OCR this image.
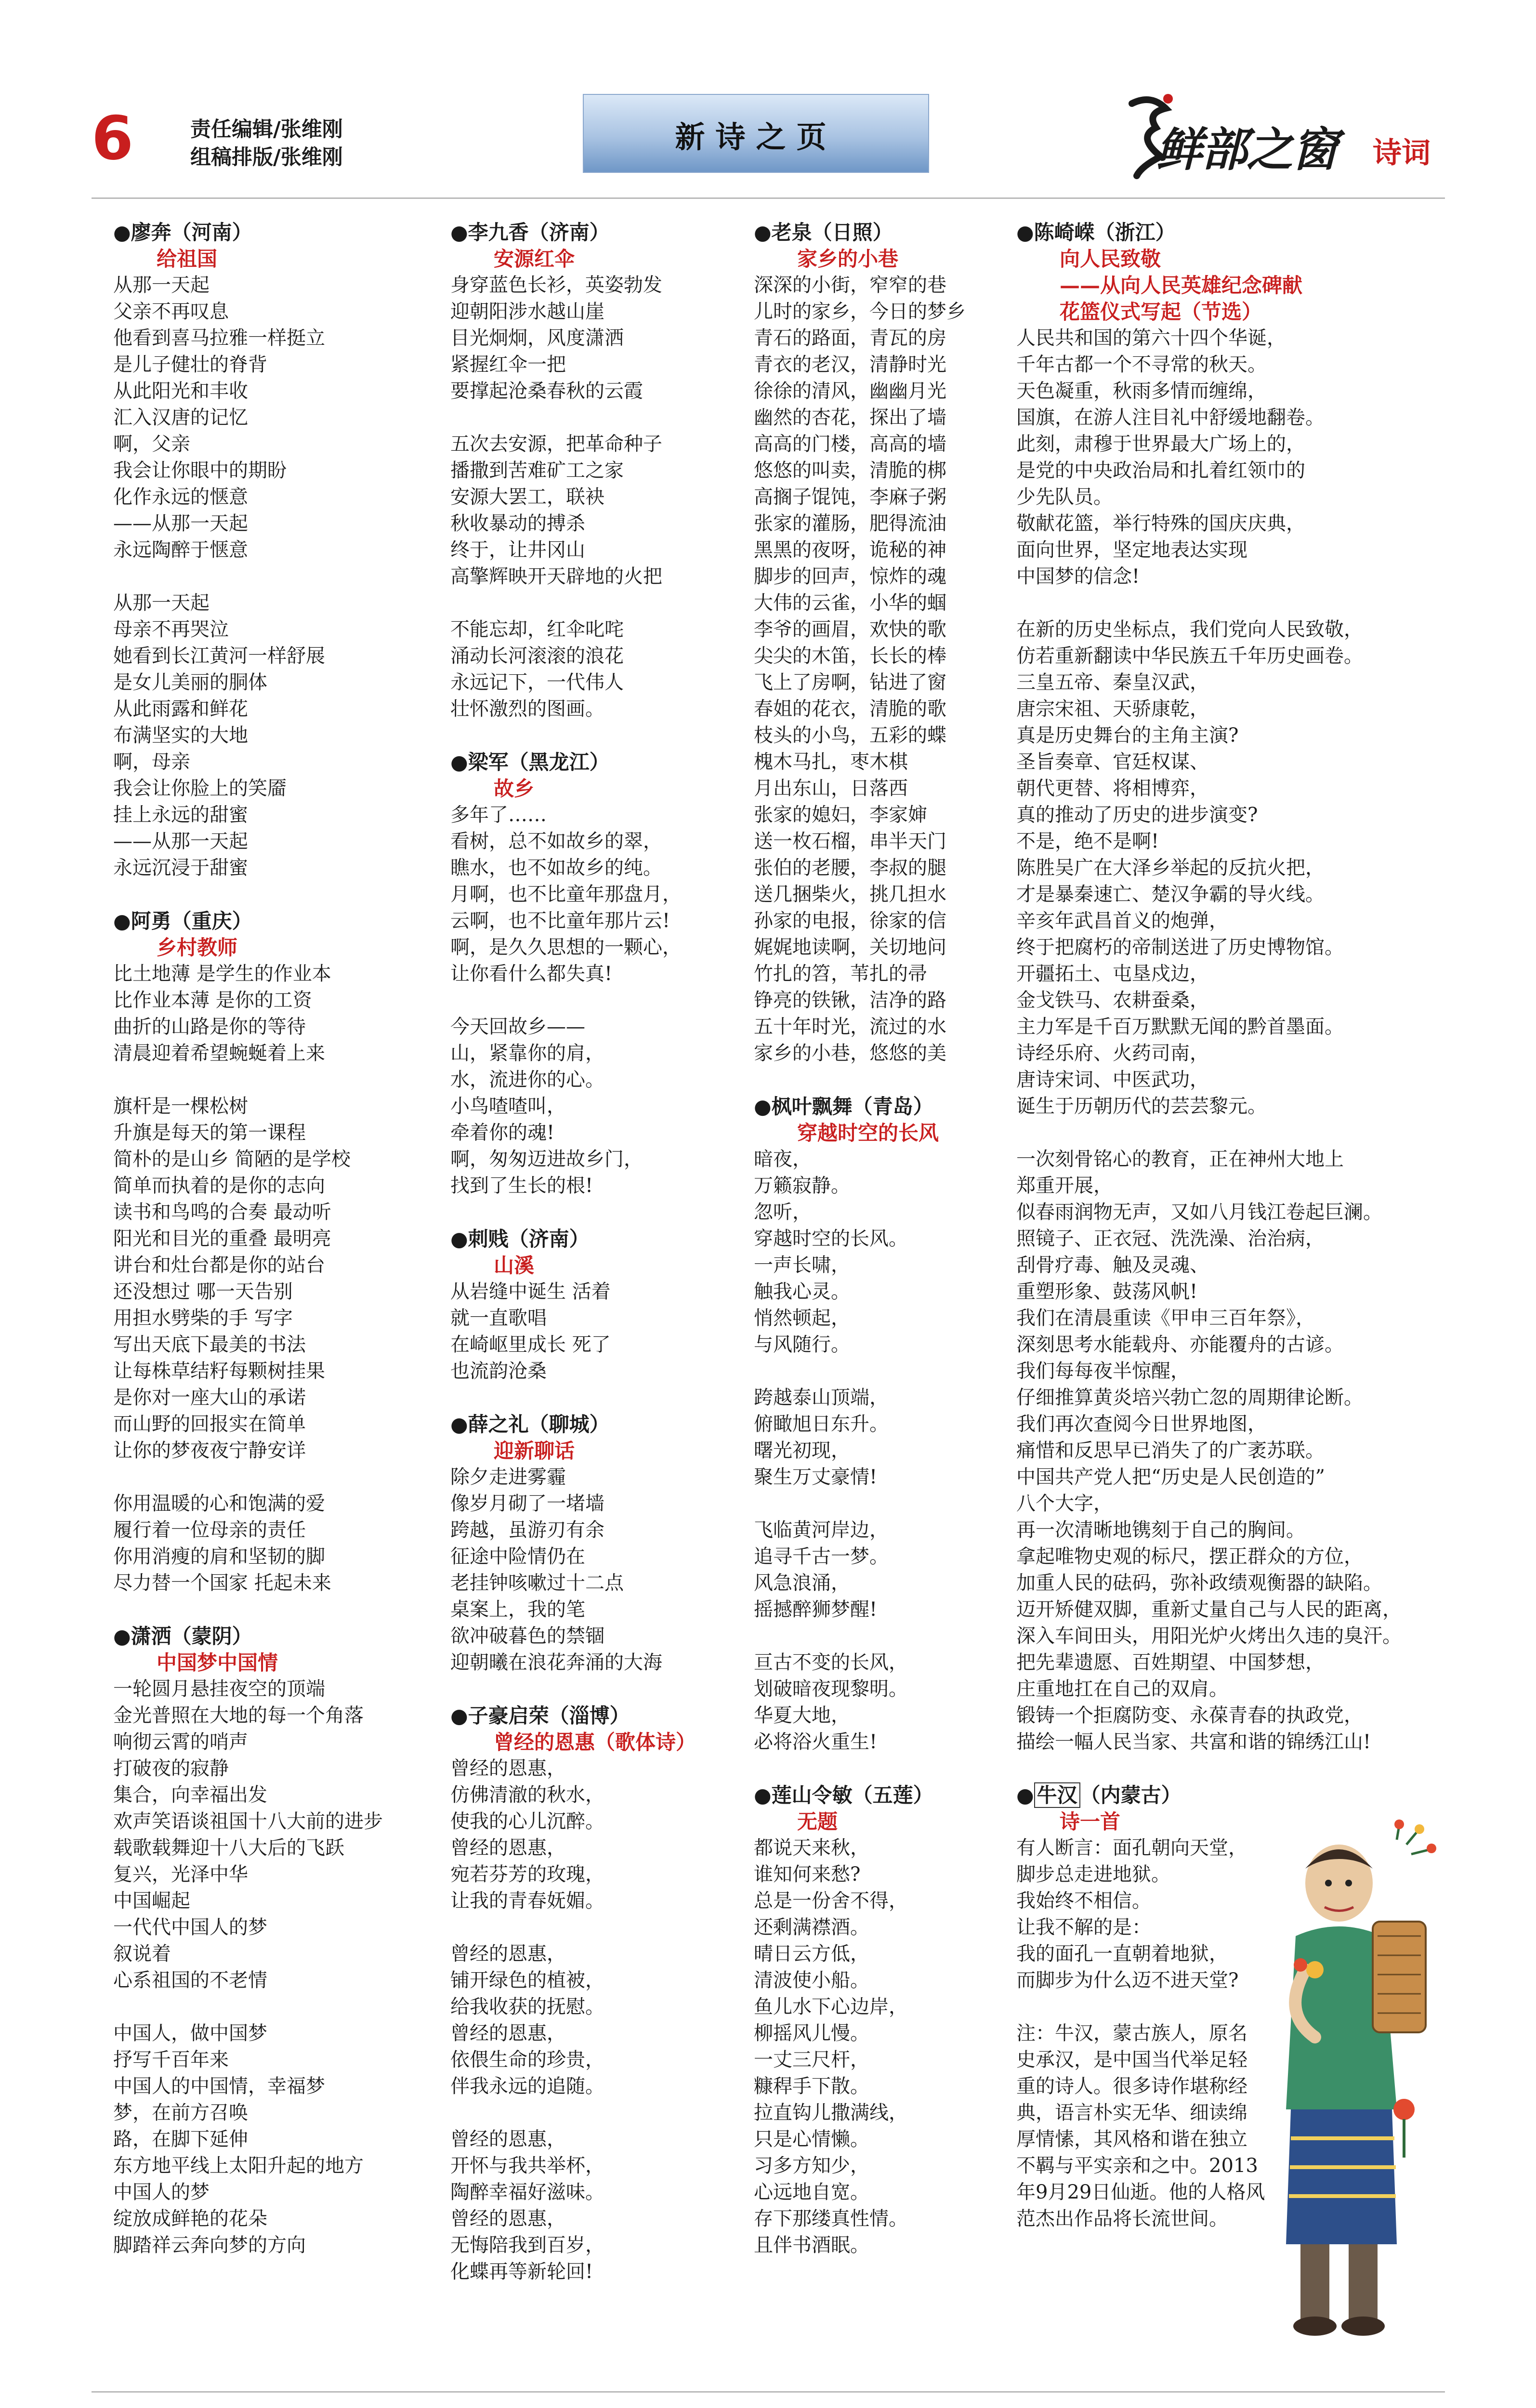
6	责任编辑/张维刚
组稿排版/张维刚
新诗之页	鲜部之窗 诗词
●廖奔（河南）
给祖国
从那一天起
父亲不再叹息
他看到喜马拉雅一样挺立
是儿子健壮的脊背
从此阳光和丰收
汇入汉唐的记忆
啊，父亲
我会让你眼中的期盼
化作永远的惬意
——从那一天起
永远陶醉于惬意
从那一天起
母亲不再哭泣
她看到长江黄河一样舒展
是女儿美丽的胴体
从此雨露和鲜花
布满坚实的大地
啊，母亲
我会让你脸上的笑靥
挂上永远的甜蜜
——从那一天起
永远沉浸于甜蜜
●阿勇（重庆）
乡村教师
比土地薄 是学生的作业本
比作业本薄 是你的工资
曲折的山路是你的等待
清晨迎着希望蜿蜒着上来
旗杆是一棵松树
升旗是每天的第一课程
简朴的是山乡 简陋的是学校
简单而执着的是你的志向
读书和鸟鸣的合奏 最动听
阳光和目光的重叠 最明亮
讲台和灶台都是你的站台
还没想过 哪一天告别
用担水劈柴的手 写字
写出天底下最美的书法
让每株草结籽每颗树挂果
是你对一座大山的承诺
而山野的回报实在简单
让你的梦夜夜宁静安详
你用温暖的心和饱满的爱
履行着一位母亲的责任
你用消瘦的肩和坚韧的脚
尽力替一个国家 托起未来
●潇洒（蒙阴）
中国梦中国情
一轮圆月悬挂夜空的顶端
金光普照在大地的每一个角落
响彻云霄的哨声
打破夜的寂静
集合，向幸福出发
欢声笑语谈祖国十八大前的进步
载歌载舞迎十八大后的飞跃
复兴，光泽中华
中国崛起
一代代中国人的梦
叙说着
心系祖国的不老情
中国人，做中国梦
抒写千百年来
中国人的中国情，幸福梦
梦，在前方召唤
路，在脚下延伸
东方地平线上太阳升起的地方
中国人的梦
绽放成鲜艳的花朵
脚踏祥云奔向梦的方向
●李九香（济南）
安源红伞
身穿蓝色长衫，英姿勃发
迎朝阳涉水越山崖
目光炯炯，风度潇洒
紧握红伞一把
要撑起沧桑春秋的云霞
五次去安源，把革命种子
播撒到苦难矿工之家
安源大罢工，联袂
秋收暴动的搏杀
终于，让井冈山
高擎辉映开天辟地的火把
不能忘却，红伞叱咤
涌动长河滚滚的浪花
永远记下，一代伟人
壮怀激烈的图画。
●梁军（黑龙江）
故乡
多年了……
看树，总不如故乡的翠，
瞧水，也不如故乡的纯。
月啊，也不比童年那盘月，
云啊，也不比童年那片云!
啊，是久久思想的一颗心，
让你看什么都失真!
今天回故乡——
山，紧靠你的肩，
水，流进你的心。
小鸟喳喳叫，
牵着你的魂!
啊，匆匆迈进故乡门，
找到了生长的根!
●刺贱（济南）
山溪
从岩缝中诞生 活着
就一直歌唱
在崎岖里成长 死了
也流韵沧桑
●薛之礼（聊城）
迎新聊话
除夕走进雾霾
像岁月砌了一堵墙
跨越，虽游刃有余
征途中险情仍在
老挂钟咳嗽过十二点
桌案上，我的笔
欲冲破暮色的禁锢
迎朝曦在浪花奔涌的大海
●子豪启荣（淄博）
曾经的恩惠（歌体诗）
曾经的恩惠，
仿佛清澈的秋水，
使我的心儿沉醉。
曾经的恩惠，
宛若芬芳的玫瑰，
让我的青春妩媚。
曾经的恩惠，
铺开绿色的植被，
给我收获的抚慰。
曾经的恩惠，
依偎生命的珍贵，
伴我永远的追随。
曾经的恩惠，
开怀与我共举杯，
陶醉幸福好滋味。
曾经的恩惠，
无悔陪我到百岁，
化蝶再等新轮回!
●老泉（日照）
家乡的小巷
深深的小街，窄窄的巷
儿时的家乡，今日的梦乡
青石的路面，青瓦的房
青衣的老汉，清静时光
徐徐的清风，幽幽月光
幽然的杏花，探出了墙
高高的门楼，高高的墙
悠悠的叫卖，清脆的梆
高搁子馄饨，李麻子粥
张家的灌肠，肥得流油
黑黑的夜呀，诡秘的神
脚步的回声，惊炸的魂
大伟的云雀，小华的蝈
李爷的画眉，欢快的歌
尖尖的木笛，长长的棒
飞上了房啊，钻进了窗
春姐的花衣，清脆的歌
枝头的小鸟，五彩的蝶
槐木马扎，枣木棋
月出东山，日落西
张家的媳妇，李家婶
送一枚石榴，串半天门
张伯的老腰，李叔的腿
送几捆柴火，挑几担水
孙家的电报，徐家的信
娓娓地读啊，关切地问
竹扎的笤，苇扎的帚
铮亮的铁锹，洁净的路
五十年时光，流过的水
家乡的小巷，悠悠的美
●枫叶飘舞（青岛）
穿越时空的长风
暗夜，
万籁寂静。
忽听，
穿越时空的长风。
一声长啸，
触我心灵。
悄然顿起，
与风随行。
跨越泰山顶端，
俯瞰旭日东升。
曙光初现，
聚生万丈豪情!
飞临黄河岸边，
追寻千古一梦。
风急浪涌，
摇撼醉狮梦醒!
亘古不变的长风，
划破暗夜现黎明。
华夏大地，
必将浴火重生!
●莲山令敏（五莲）
无题
都说天来秋，
谁知何来愁?
总是一份舍不得，
还剩满襟酒。
晴日云方低，
清波使小船。
鱼儿水下心边岸，
柳摇风儿慢。
一丈三尺杆，
糠稈手下散。
拉直钩儿撒满线，
只是心情懒。
习多方知少，
心远地自宽。
存下那缕真性情。
且伴书酒眠。
●陈崎嵘（浙江）
向人民致敬
——从向人民英雄纪念碑献
花篮仪式写起（节选）
人民共和国的第六十四个华诞，
千年古都一个不寻常的秋天。
天色凝重，秋雨多情而缠绵，
国旗，在游人注目礼中舒缓地翻卷。
此刻，肃穆于世界最大广场上的，
是党的中央政治局和扎着红领巾的
少先队员。
敬献花篮，举行特殊的国庆庆典，
面向世界，坚定地表达实现
中国梦的信念!
在新的历史坐标点，我们党向人民致敬，
仿若重新翻读中华民族五千年历史画卷。
三皇五帝、秦皇汉武，
唐宗宋祖、天骄康乾，
真是历史舞台的主角主演?
圣旨奏章、官廷权谋、
朝代更替、将相博弈，
真的推动了历史的进步演变?
不是，绝不是啊!
陈胜吴广在大泽乡举起的反抗火把，
才是暴秦速亡、楚汉争霸的导火线。
辛亥年武昌首义的炮弹，
终于把腐朽的帝制送进了历史博物馆。
开疆拓土、屯垦戍边，
金戈铁马、农耕蚕桑，
主力军是千百万默默无闻的黔首墨面。
诗经乐府、火药司南，
唐诗宋词、中医武功，
诞生于历朝历代的芸芸黎元。
一次刻骨铭心的教育，正在神州大地上
郑重开展，
似春雨润物无声，又如八月钱江卷起巨澜。
照镜子、正衣冠、洗洗澡、治治病，
刮骨疗毒、触及灵魂、
重塑形象、鼓荡风帆!
我们在清晨重读《甲申三百年祭》，
深刻思考水能载舟、亦能覆舟的古谚。
我们每每夜半惊醒，
仔细推算黄炎培兴勃亡忽的周期律论断。
我们再次查阅今日世界地图，
痛惜和反思早已消失了的广袤苏联。
中国共产党人把“历史是人民创造的”
八个大字，
再一次清晰地镌刻于自己的胸间。
拿起唯物史观的标尺，摆正群众的方位，
加重人民的砝码，弥补政绩观衡器的缺陷。
迈开矫健双脚，重新丈量自己与人民的距离，
深入车间田头，用阳光炉火烤出久违的臭汗。
把先辈遗愿、百姓期望、中国梦想，
庄重地扛在自己的双肩。
锻铸一个拒腐防变、永葆青春的执政党，
描绘一幅人民当家、共富和谐的锦绣江山!
● 牛汉 （内蒙古）
诗一首
有人断言：面孔朝向天堂，
脚步总走进地狱。
我始终不相信。
让我不解的是：
我的面孔一直朝着地狱，
而脚步为什么迈不进天堂?
注：牛汉，蒙古族人，原名
史承汉，是中国当代举足轻
重的诗人。很多诗作堪称经
典，语言朴实无华、细读绵
厚情愫，其风格和谐在独立
不羁与平实亲和之中。2013
年9月29日仙逝。他的人格风
范杰出作品将长流世间。
